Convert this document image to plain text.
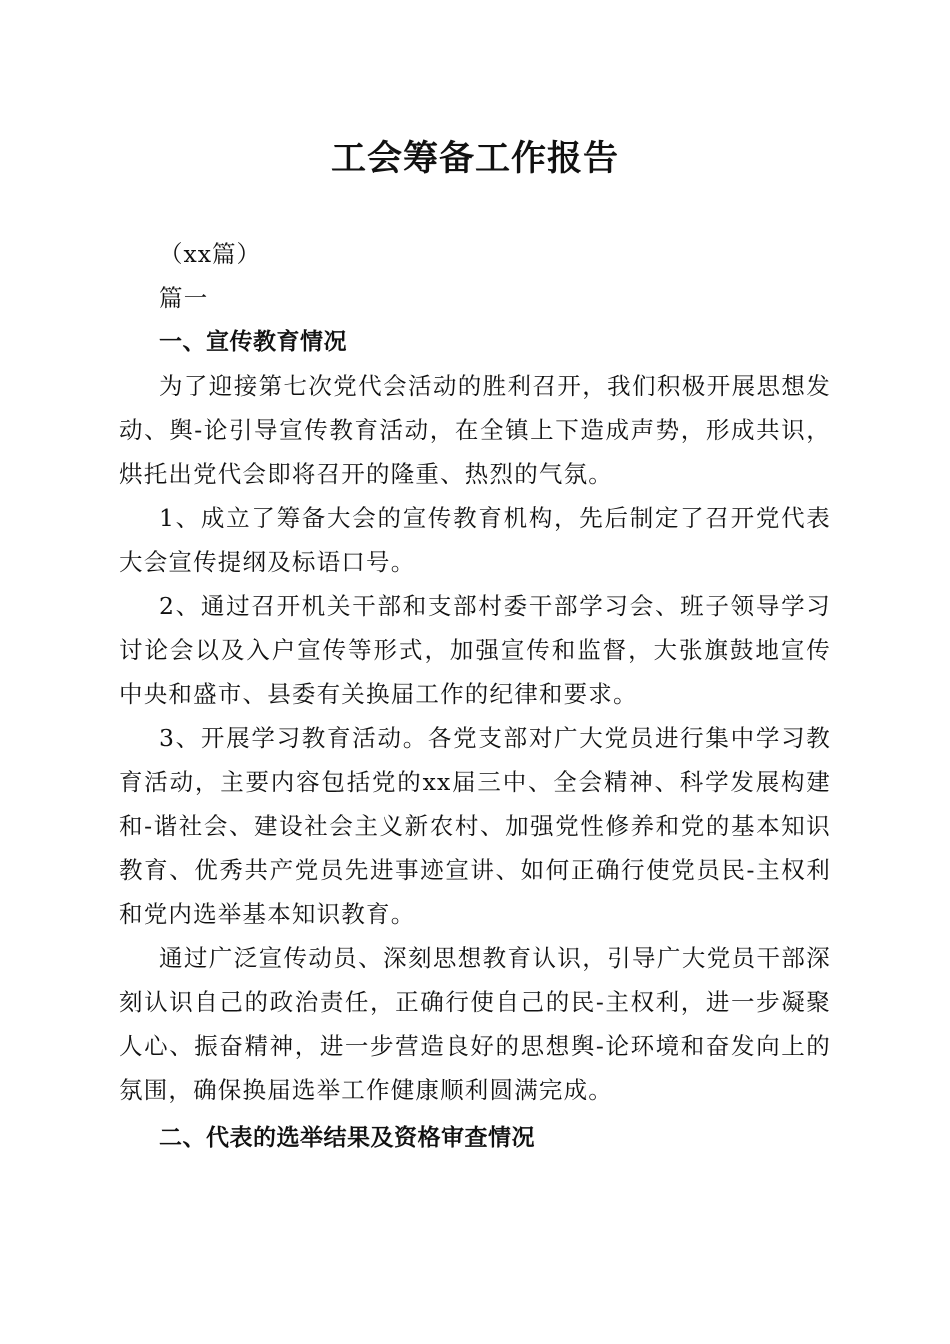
工会筹备工作报告

（xx篇）

篇一

一、宣传教育情况

为了迎接第七次党代会活动的胜利召开，我们积极开展思想发动、舆-论引导宣传教育活动，在全镇上下造成声势，形成共识，烘托出党代会即将召开的隆重、热烈的气氛。

1、成立了筹备大会的宣传教育机构，先后制定了召开党代表大会宣传提纲及标语口号。

2、通过召开机关干部和支部村委干部学习会、班子领导学习讨论会以及入户宣传等形式，加强宣传和监督，大张旗鼓地宣传中央和盛市、县委有关换届工作的纪律和要求。

3、开展学习教育活动。各党支部对广大党员进行集中学习教育活动，主要内容包括党的xx届三中、全会精神、科学发展构建和-谐社会、建设社会主义新农村、加强党性修养和党的基本知识教育、优秀共产党员先进事迹宣讲、如何正确行使党员民-主权利和党内选举基本知识教育。

通过广泛宣传动员、深刻思想教育认识，引导广大党员干部深刻认识自己的政治责任，正确行使自己的民-主权利，进一步凝聚人心、振奋精神，进一步营造良好的思想舆-论环境和奋发向上的氛围，确保换届选举工作健康顺利圆满完成。

二、代表的选举结果及资格审查情况
